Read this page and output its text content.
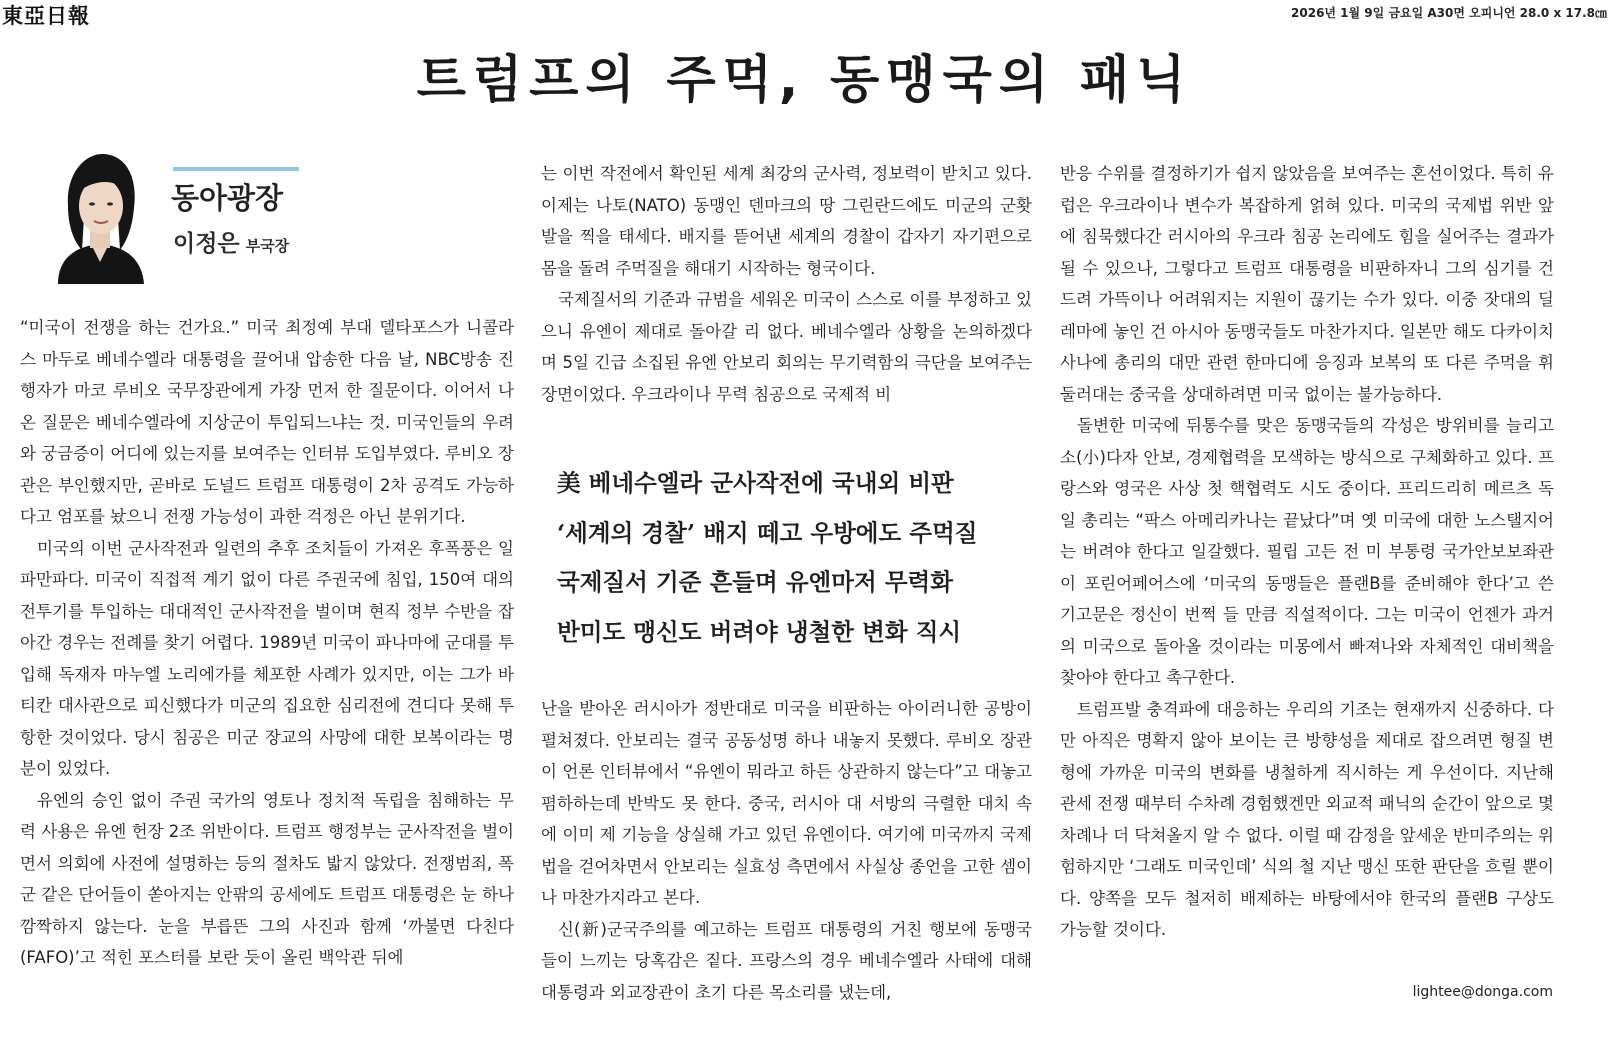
東亞日報	2026년 1월 9일 금요일 A30면 오피니언 28.0 x 17.8㎝
트럼프의 주먹, 동맹국의 패닉
동아광장
이정은 부국장

“미국이 전쟁을 하는 건가요.” 미국 최정예 부대 델타포스가 니콜라스 마두로 베네수엘라 대통령을 끌어내 압송한 다음 날, NBC방송 진행자가 마코 루비오 국무장관에게 가장 먼저 한 질문이다. 이어서 나온 질문은 베네수엘라에 지상군이 투입되느냐는 것. 미국인들의 우려와 궁금증이 어디에 있는지를 보여주는 인터뷰 도입부였다. 루비오 장관은 부인했지만, 곧바로 도널드 트럼프 대통령이 2차 공격도 가능하다고 엄포를 놨으니 전쟁 가능성이 과한 걱정은 아닌 분위기다.

미국의 이번 군사작전과 일련의 추후 조치들이 가져온 후폭풍은 일파만파다. 미국이 직접적 계기 없이 다른 주권국에 침입, 150여 대의 전투기를 투입하는 대대적인 군사작전을 벌이며 현직 정부 수반을 잡아간 경우는 전례를 찾기 어렵다. 1989년 미국이 파나마에 군대를 투입해 독재자 마누엘 노리에가를 체포한 사례가 있지만, 이는 그가 바티칸 대사관으로 피신했다가 미군의 집요한 심리전에 견디다 못해 투항한 것이었다. 당시 침공은 미군 장교의 사망에 대한 보복이라는 명분이 있었다.

유엔의 승인 없이 주권 국가의 영토나 정치적 독립을 침해하는 무력 사용은 유엔 헌장 2조 위반이다. 트럼프 행정부는 군사작전을 벌이면서 의회에 사전에 설명하는 등의 절차도 밟지 않았다. 전쟁범죄, 폭군 같은 단어들이 쏟아지는 안팎의 공세에도 트럼프 대통령은 눈 하나 깜짝하지 않는다. 눈을 부릅뜬 그의 사진과 함께 ‘까불면 다친다(FAFO)’고 적힌 포스터를 보란 듯이 올린 백악관 뒤에

는 이번 작전에서 확인된 세계 최강의 군사력, 정보력이 받치고 있다. 이제는 나토(NATO) 동맹인 덴마크의 땅 그린란드에도 미군의 군홧발을 찍을 태세다. 배지를 뜯어낸 세계의 경찰이 갑자기 자기편으로 몸을 돌려 주먹질을 해대기 시작하는 형국이다.

국제질서의 기준과 규범을 세워온 미국이 스스로 이를 부정하고 있으니 유엔이 제대로 돌아갈 리 없다. 베네수엘라 상황을 논의하겠다며 5일 긴급 소집된 유엔 안보리 회의는 무기력함의 극단을 보여주는 장면이었다. 우크라이나 무력 침공으로 국제적 비

美 베네수엘라 군사작전에 국내외 비판
‘세계의 경찰’ 배지 떼고 우방에도 주먹질
국제질서 기준 흔들며 유엔마저 무력화
반미도 맹신도 버려야 냉철한 변화 직시

난을 받아온 러시아가 정반대로 미국을 비판하는 아이러니한 공방이 펼쳐졌다. 안보리는 결국 공동성명 하나 내놓지 못했다. 루비오 장관이 언론 인터뷰에서 “유엔이 뭐라고 하든 상관하지 않는다”고 대놓고 폄하하는데 반박도 못 한다. 중국, 러시아 대 서방의 극렬한 대치 속에 이미 제 기능을 상실해 가고 있던 유엔이다. 여기에 미국까지 국제법을 걷어차면서 안보리는 실효성 측면에서 사실상 종언을 고한 셈이나 마찬가지라고 본다.

신(新)군국주의를 예고하는 트럼프 대통령의 거친 행보에 동맹국들이 느끼는 당혹감은 짙다. 프랑스의 경우 베네수엘라 사태에 대해 대통령과 외교장관이 초기 다른 목소리를 냈는데,

반응 수위를 결정하기가 쉽지 않았음을 보여주는 혼선이었다. 특히 유럽은 우크라이나 변수가 복잡하게 얽혀 있다. 미국의 국제법 위반 앞에 침묵했다간 러시아의 우크라 침공 논리에도 힘을 실어주는 결과가 될 수 있으나, 그렇다고 트럼프 대통령을 비판하자니 그의 심기를 건드려 가뜩이나 어려워지는 지원이 끊기는 수가 있다. 이중 잣대의 딜레마에 놓인 건 아시아 동맹국들도 마찬가지다. 일본만 해도 다카이치 사나에 총리의 대만 관련 한마디에 응징과 보복의 또 다른 주먹을 휘둘러대는 중국을 상대하려면 미국 없이는 불가능하다.

돌변한 미국에 뒤통수를 맞은 동맹국들의 각성은 방위비를 늘리고 소(小)다자 안보, 경제협력을 모색하는 방식으로 구체화하고 있다. 프랑스와 영국은 사상 첫 핵협력도 시도 중이다. 프리드리히 메르츠 독일 총리는 “팍스 아메리카나는 끝났다”며 옛 미국에 대한 노스탤지어는 버려야 한다고 일갈했다. 필립 고든 전 미 부통령 국가안보보좌관이 포린어페어스에 ‘미국의 동맹들은 플랜B를 준비해야 한다’고 쓴 기고문은 정신이 번쩍 들 만큼 직설적이다. 그는 미국이 언젠가 과거의 미국으로 돌아올 것이라는 미몽에서 빠져나와 자체적인 대비책을 찾아야 한다고 촉구한다.

트럼프발 충격파에 대응하는 우리의 기조는 현재까지 신중하다. 다만 아직은 명확지 않아 보이는 큰 방향성을 제대로 잡으려면 형질 변형에 가까운 미국의 변화를 냉철하게 직시하는 게 우선이다. 지난해 관세 전쟁 때부터 수차례 경험했겐만 외교적 패닉의 순간이 앞으로 몇 차례나 더 닥쳐올지 알 수 없다. 이럴 때 감정을 앞세운 반미주의는 위험하지만 ‘그래도 미국인데’ 식의 철 지난 맹신 또한 판단을 흐릴 뿐이다. 양쪽을 모두 철저히 배제하는 바탕에서야 한국의 플랜B 구상도 가능할 것이다.

lightee@donga.com
